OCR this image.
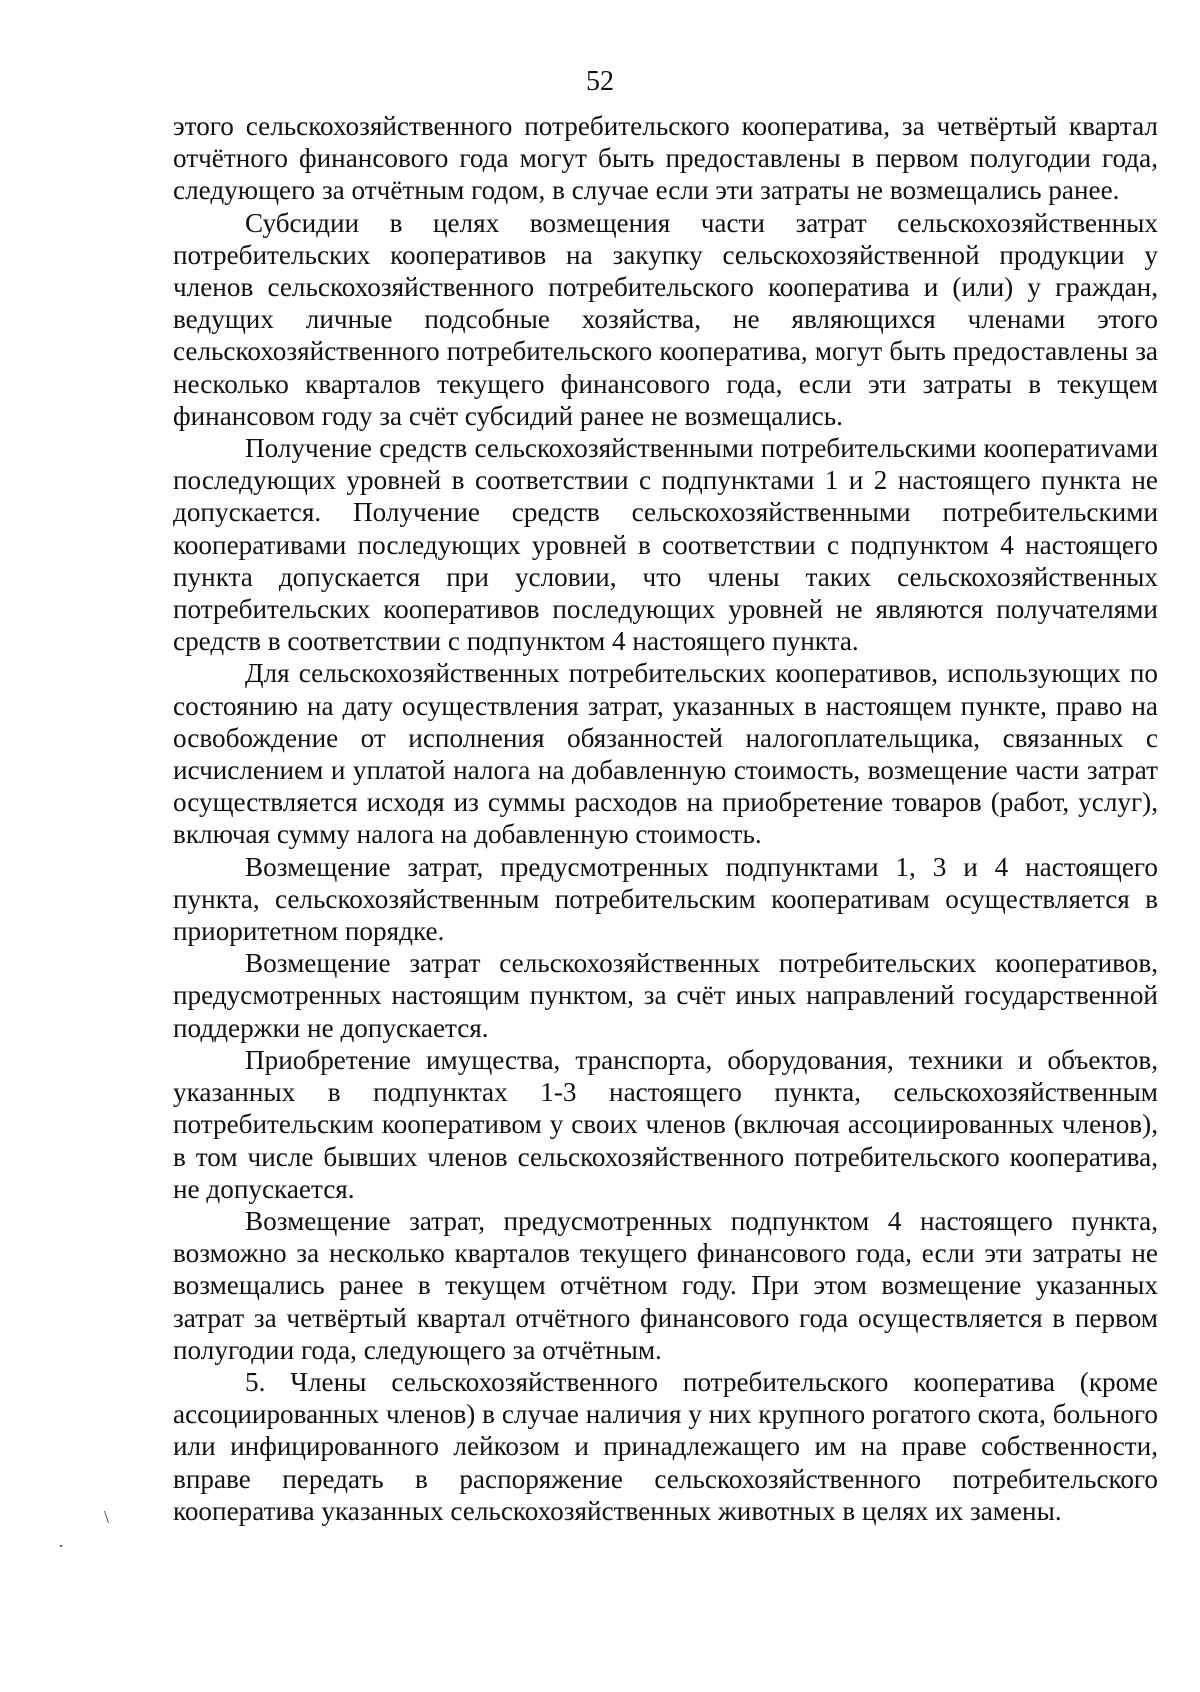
52

этого сельскохозяйственного потребительского кооператива, за четвёртый квартал отчётного финансового года могут быть предоставлены в первом полугодии года, следующего за отчётным годом, в случае если эти затраты не возмещались ранее.

Субсидии в целях возмещения части затрат сельскохозяйственных потребительских кооперативов на закупку сельскохозяйственной продукции у членов сельскохозяйственного потребительского кооператива и (или) у граждан, ведущих личные подсобные хозяйства, не являющихся членами этого сельскохозяйственного потребительского кооператива, могут быть предоставлены за несколько кварталов текущего финансового года, если эти затраты в текущем финансовом году за счёт субсидий ранее не возмещались.

Получение средств сельскохозяйственными потребительскими кооператиvами последующих уровней в соответствии с подпунктами 1 и 2 настоящего пункта не допускается. Получение средств сельскохозяйственными потребительскими кооперативами последующих уровней в соответствии с подпунктом 4 настоящего пункта допускается при условии, что члены таких сельскохозяйственных потребительских кооперативов последующих уровней не являются получателями средств в соответствии с подпунктом 4 настоящего пункта.

Для сельскохозяйственных потребительских кооперативов, использующих по состоянию на дату осуществления затрат, указанных в настоящем пункте, право на освобождение от исполнения обязанностей налогоплательщика, связанных с исчислением и уплатой налога на добавленную стоимость, возмещение части затрат осуществляется исходя из суммы расходов на приобретение товаров (работ, услуг), включая сумму налога на добавленную стоимость.

Возмещение затрат, предусмотренных подпунктами 1, 3 и 4 настоящего пункта, сельскохозяйственным потребительским кооперативам осуществляется в приоритетном порядке.

Возмещение затрат сельскохозяйственных потребительских кооперативов, предусмотренных настоящим пунктом, за счёт иных направлений государственной поддержки не допускается.

Приобретение имущества, транспорта, оборудования, техники и объектов, указанных в подпунктах 1-3 настоящего пункта, сельскохозяйственным потребительским кооперативом у своих членов (включая ассоциированных членов), в том числе бывших членов сельскохозяйственного потребительского кооператива, не допускается.

Возмещение затрат, предусмотренных подпунктом 4 настоящего пункта, возможно за несколько кварталов текущего финансового года, если эти затраты не возмещались ранее в текущем отчётном году. При этом возмещение указанных затрат за четвёртый квартал отчётного финансового года осуществляется в первом полугодии года, следующего за отчётным.

5. Члены сельскохозяйственного потребительского кооператива (кроме ассоциированных членов) в случае наличия у них крупного рогатого скота, больного или инфицированного лейкозом и принадлежащего им на праве собственности, вправе передать в распоряжение сельскохозяйственного потребительского кооператива указанных сельскохозяйственных животных в целях их замены.

\
·
